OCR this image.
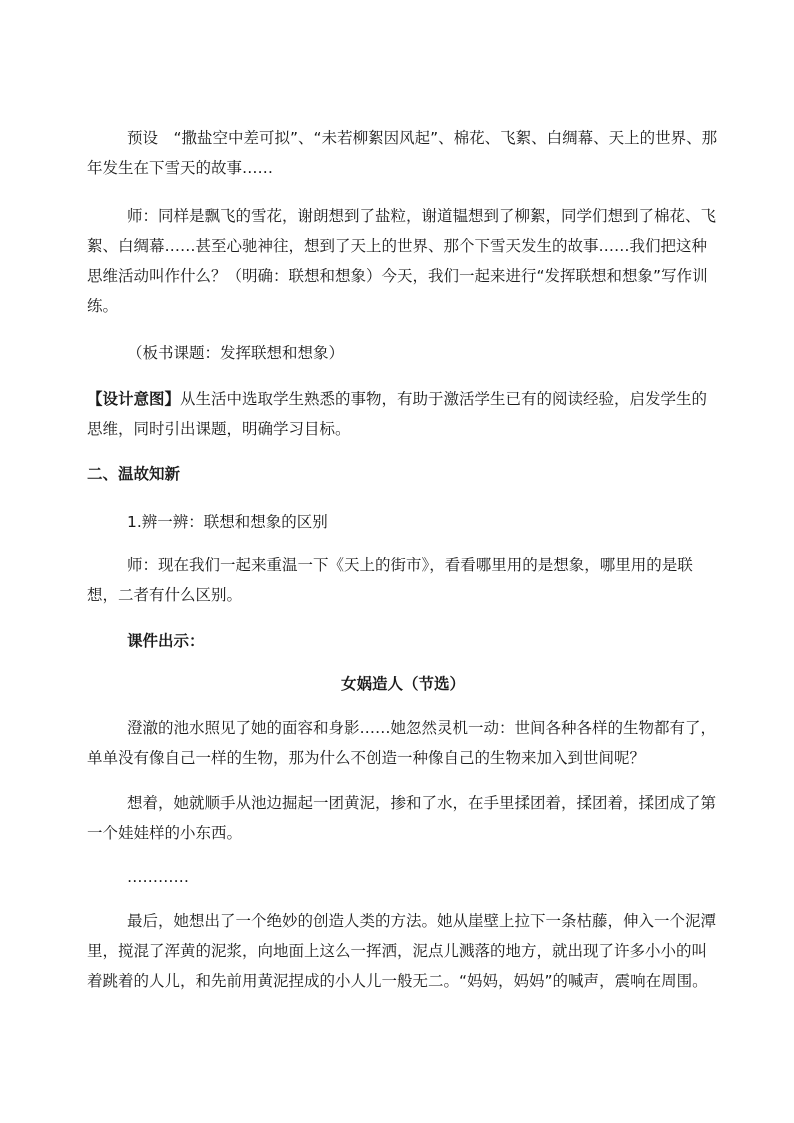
预设　“撒盐空中差可拟”、“未若柳絮因风起”、棉花、飞絮、白绸幕、天上的世界、那年发生在下雪天的故事……

师：同样是飘飞的雪花，谢朗想到了盐粒，谢道韫想到了柳絮，同学们想到了棉花、飞絮、白绸幕……甚至心驰神往，想到了天上的世界、那个下雪天发生的故事……我们把这种思维活动叫作什么？（明确：联想和想象）今天，我们一起来进行“发挥联想和想象”写作训练。

（板书课题：发挥联想和想象）

【设计意图】从生活中选取学生熟悉的事物，有助于激活学生已有的阅读经验，启发学生的思维，同时引出课题，明确学习目标。

二、温故知新

1.辨一辨：联想和想象的区别

师：现在我们一起来重温一下《天上的街市》，看看哪里用的是想象，哪里用的是联想，二者有什么区别。

课件出示：

女娲造人（节选）

澄澈的池水照见了她的面容和身影……她忽然灵机一动：世间各种各样的生物都有了，单单没有像自己一样的生物，那为什么不创造一种像自己的生物来加入到世间呢？

想着，她就顺手从池边掘起一团黄泥，掺和了水，在手里揉团着，揉团着，揉团成了第一个娃娃样的小东西。

…………

最后，她想出了一个绝妙的创造人类的方法。她从崖壁上拉下一条枯藤，伸入一个泥潭里，搅混了浑黄的泥浆，向地面上这么一挥洒，泥点儿溅落的地方，就出现了许多小小的叫着跳着的人儿，和先前用黄泥捏成的小人儿一般无二。“妈妈，妈妈”的喊声，震响在周围。
